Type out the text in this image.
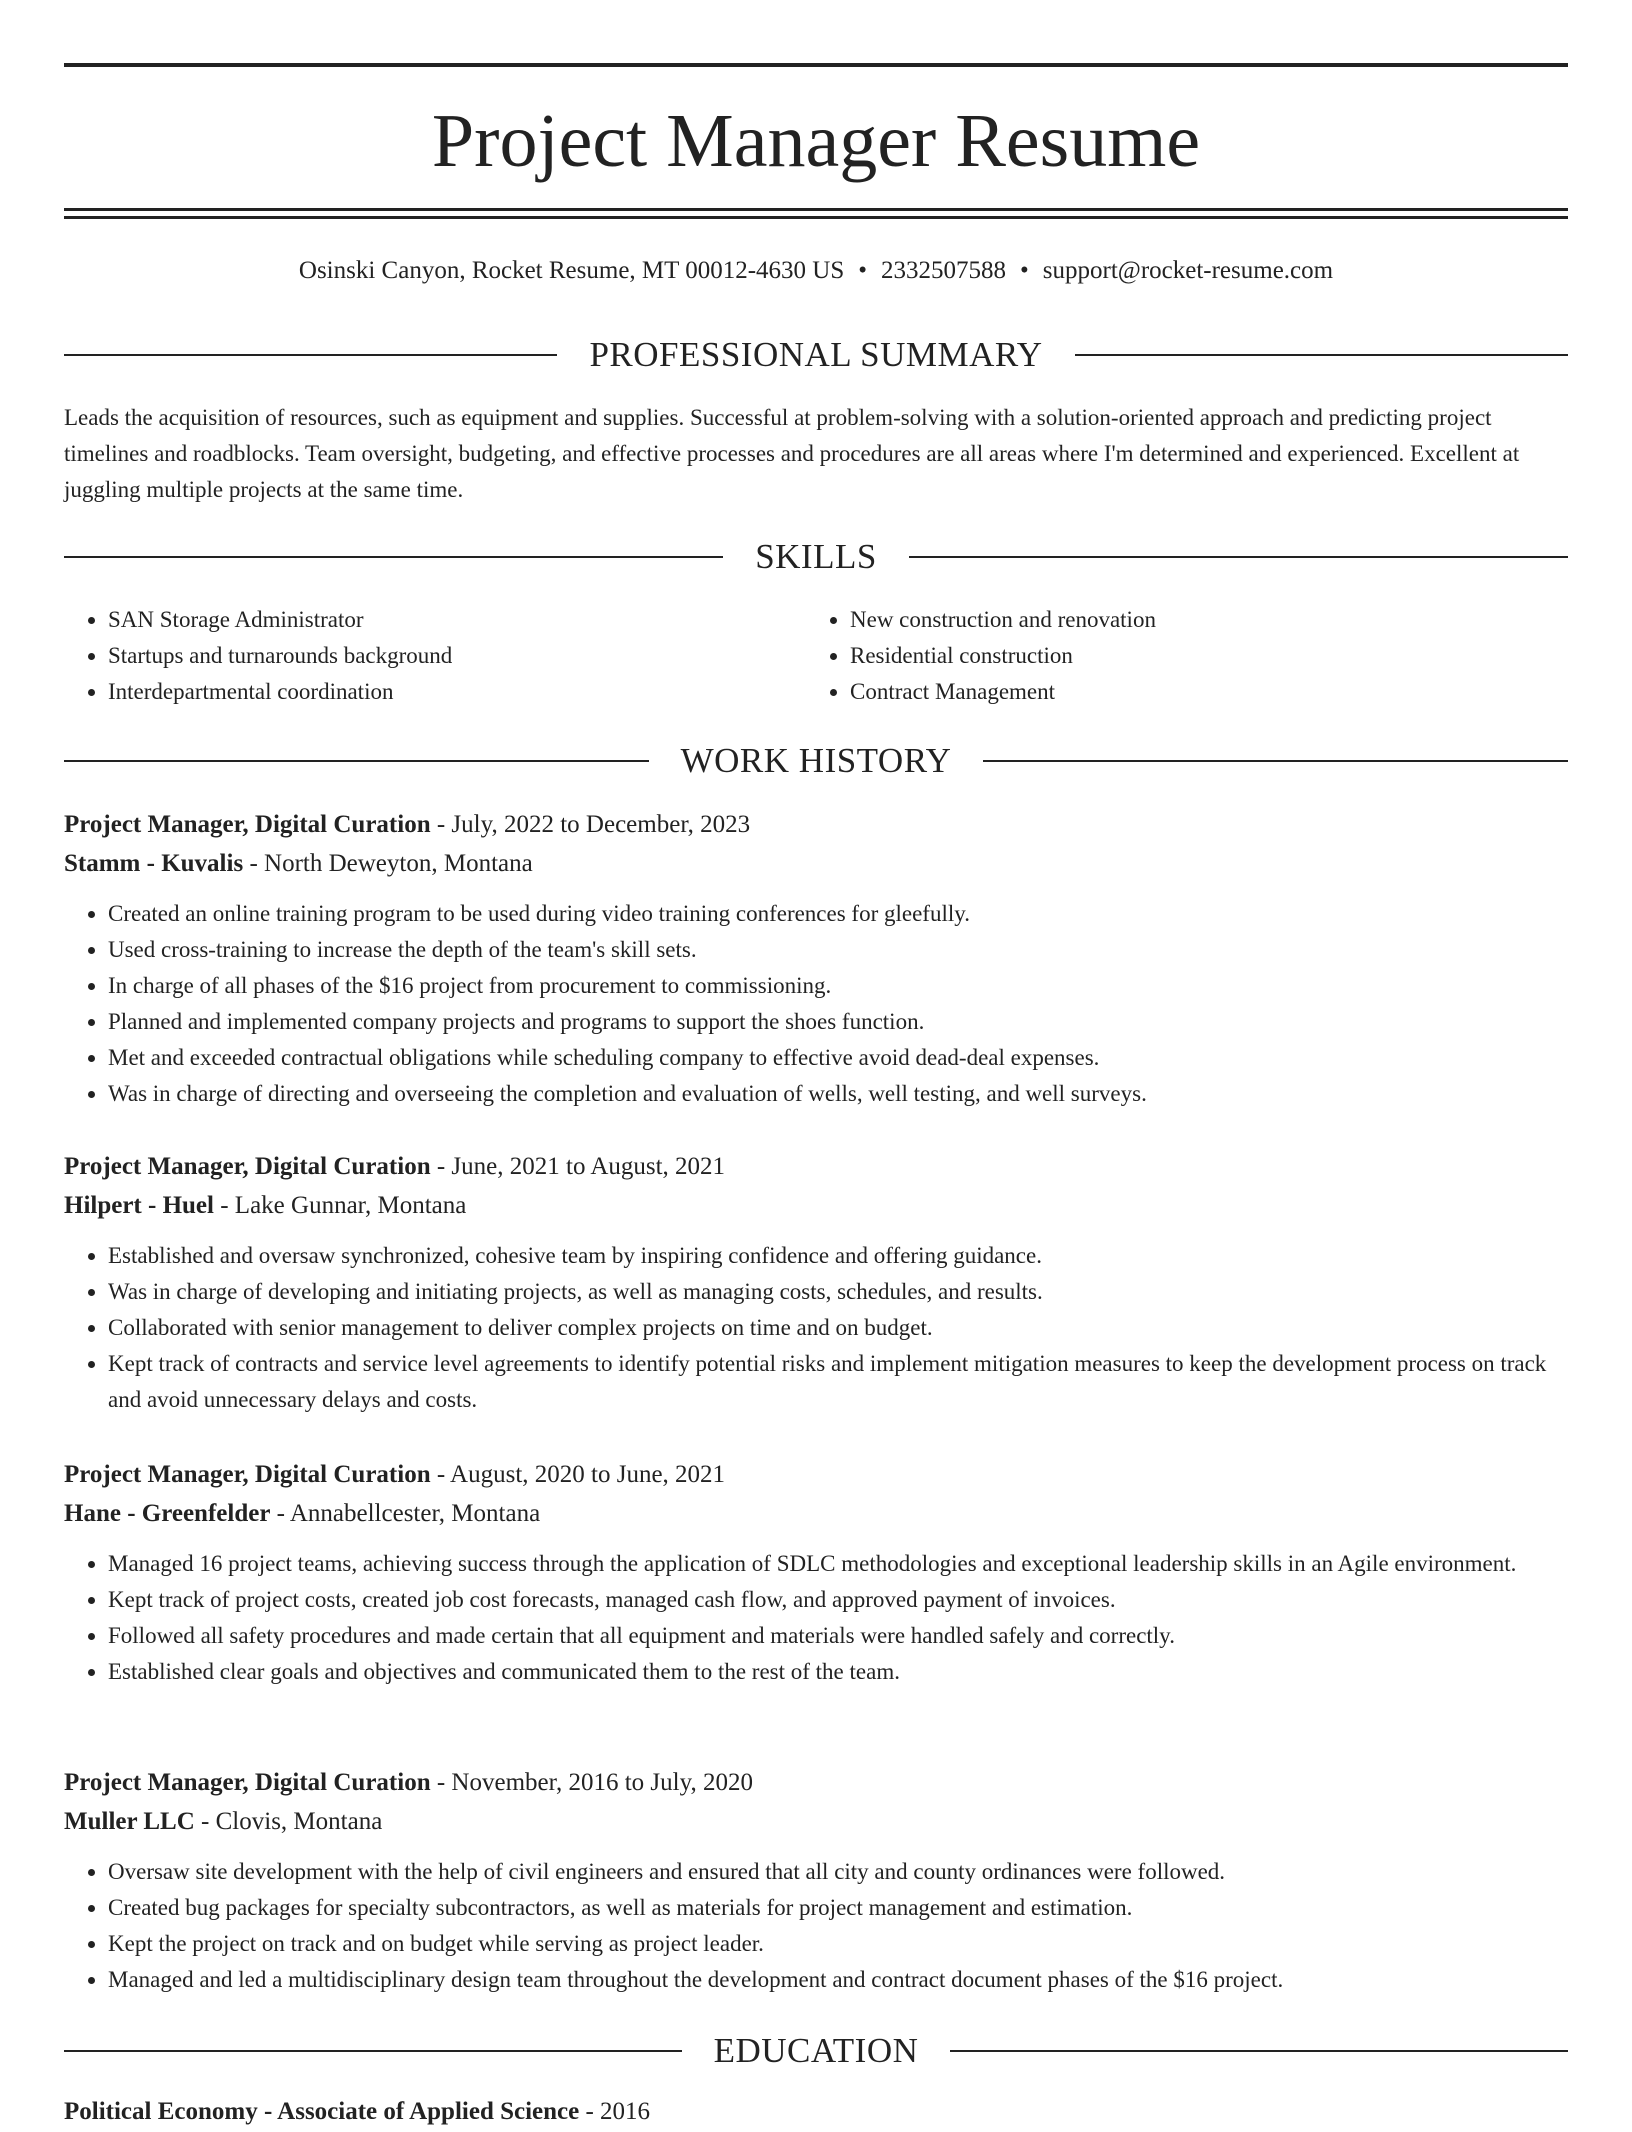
Project Manager Resume
Osinski Canyon, Rocket Resume, MT 00012-4630 US • 2332507588 • support@rocket-resume.com
PROFESSIONAL SUMMARY

Leads the acquisition of resources, such as equipment and supplies. Successful at problem-solving with a solution-oriented approach and predicting project timelines and roadblocks. Team oversight, budgeting, and effective processes and procedures are all areas where I'm determined and experienced. Excellent at juggling multiple projects at the same time.

SKILLS
• SAN Storage Administrator
• Startups and turnarounds background
• Interdepartmental coordination
• New construction and renovation
• Residential construction
• Contract Management
WORK HISTORY
Project Manager, Digital Curation - July, 2022 to December, 2023
Stamm - Kuvalis - North Deweyton, Montana
• Created an online training program to be used during video training conferences for gleefully.
• Used cross-training to increase the depth of the team's skill sets.
• In charge of all phases of the $16 project from procurement to commissioning.
• Planned and implemented company projects and programs to support the shoes function.
• Met and exceeded contractual obligations while scheduling company to effective avoid dead-deal expenses.
• Was in charge of directing and overseeing the completion and evaluation of wells, well testing, and well surveys.
Project Manager, Digital Curation - June, 2021 to August, 2021
Hilpert - Huel - Lake Gunnar, Montana
• Established and oversaw synchronized, cohesive team by inspiring confidence and offering guidance.
• Was in charge of developing and initiating projects, as well as managing costs, schedules, and results.
• Collaborated with senior management to deliver complex projects on time and on budget.
• Kept track of contracts and service level agreements to identify potential risks and implement mitigation measures to keep the development process on track and avoid unnecessary delays and costs.
Project Manager, Digital Curation - August, 2020 to June, 2021
Hane - Greenfelder - Annabellcester, Montana
• Managed 16 project teams, achieving success through the application of SDLC methodologies and exceptional leadership skills in an Agile environment.
• Kept track of project costs, created job cost forecasts, managed cash flow, and approved payment of invoices.
• Followed all safety procedures and made certain that all equipment and materials were handled safely and correctly.
• Established clear goals and objectives and communicated them to the rest of the team.
Project Manager, Digital Curation - November, 2016 to July, 2020
Muller LLC - Clovis, Montana
• Oversaw site development with the help of civil engineers and ensured that all city and county ordinances were followed.
• Created bug packages for specialty subcontractors, as well as materials for project management and estimation.
• Kept the project on track and on budget while serving as project leader.
• Managed and led a multidisciplinary design team throughout the development and contract document phases of the $16 project.
EDUCATION
Political Economy - Associate of Applied Science - 2016
